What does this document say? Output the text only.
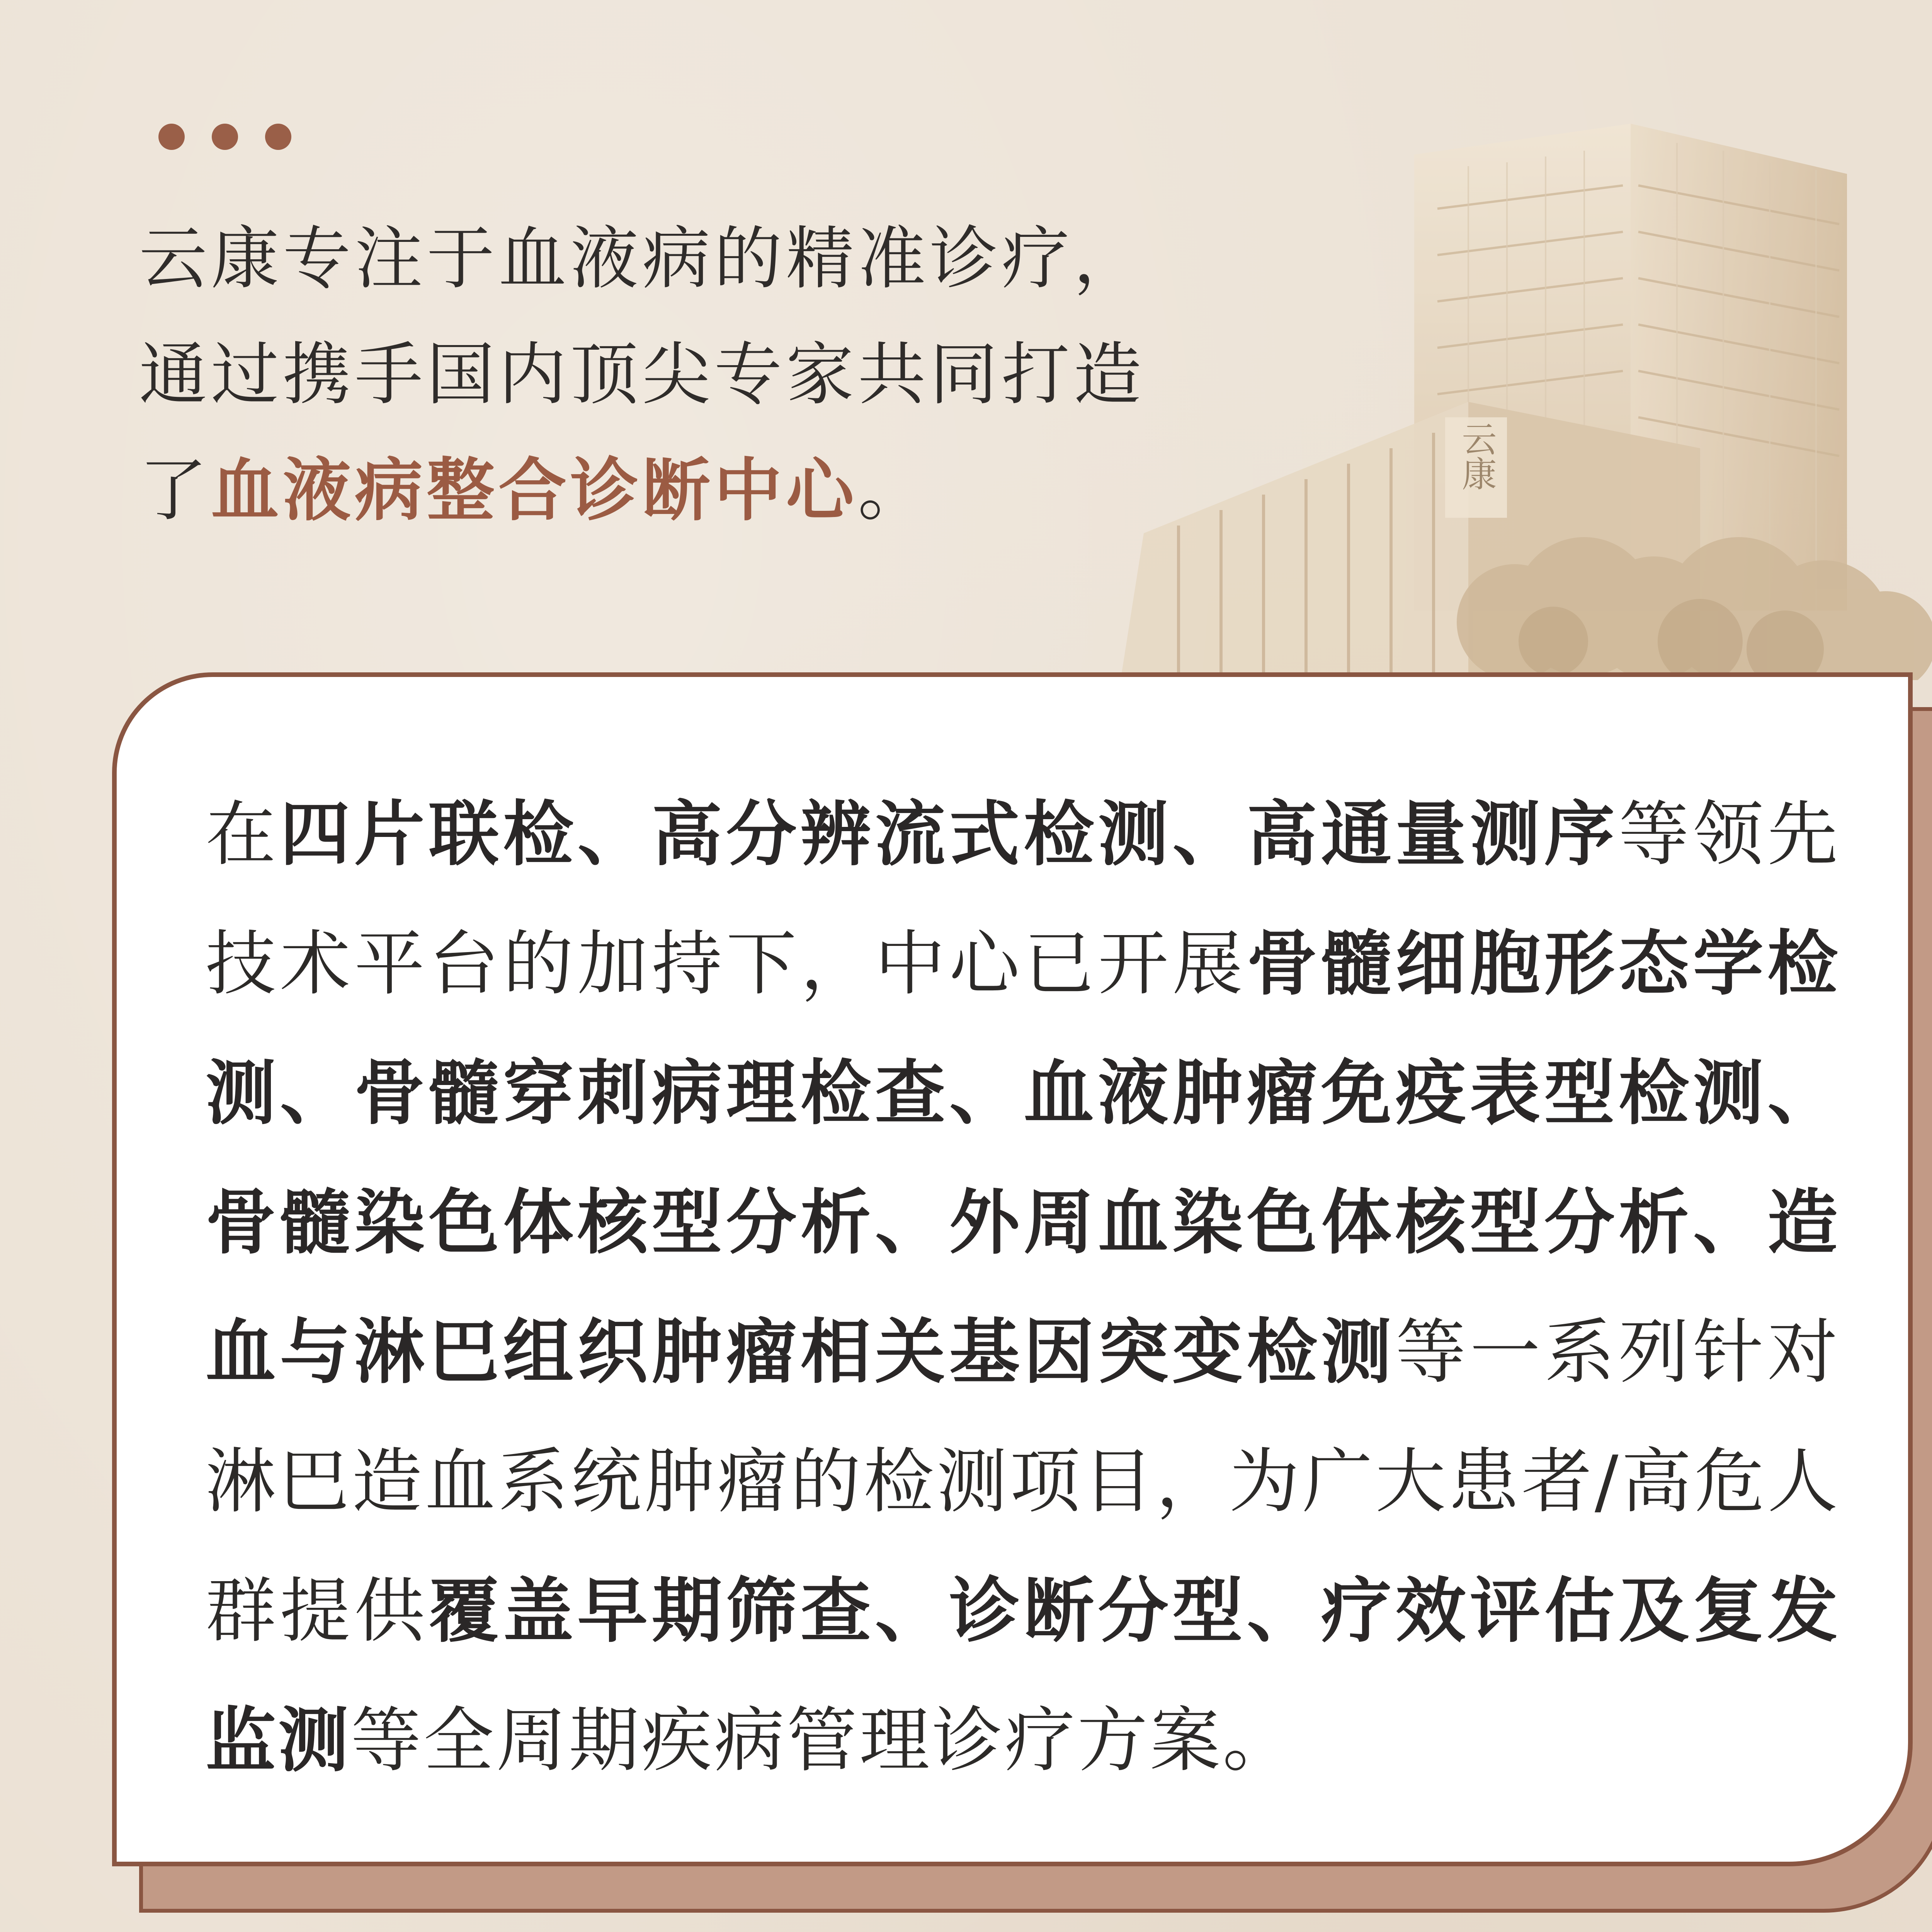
云康
云康专注于血液病的精准诊疗，
通过携手国内顶尖专家共同打造
了血液病整合诊断中心。
在四片联检、高分辨流式检测、高通量测序等领先技术平台的加持下，中心已开展骨髓细胞形态学检测、骨髓穿刺病理检查、血液肿瘤免疫表型检测、骨髓染色体核型分析、外周血染色体核型分析、造血与淋巴组织肿瘤相关基因突变检测等一系列针对淋巴造血系统肿瘤的检测项目，为广大患者/高危人群提供覆盖早期筛查、诊断分型、疗效评估及复发监测等全周期疾病管理诊疗方案。
